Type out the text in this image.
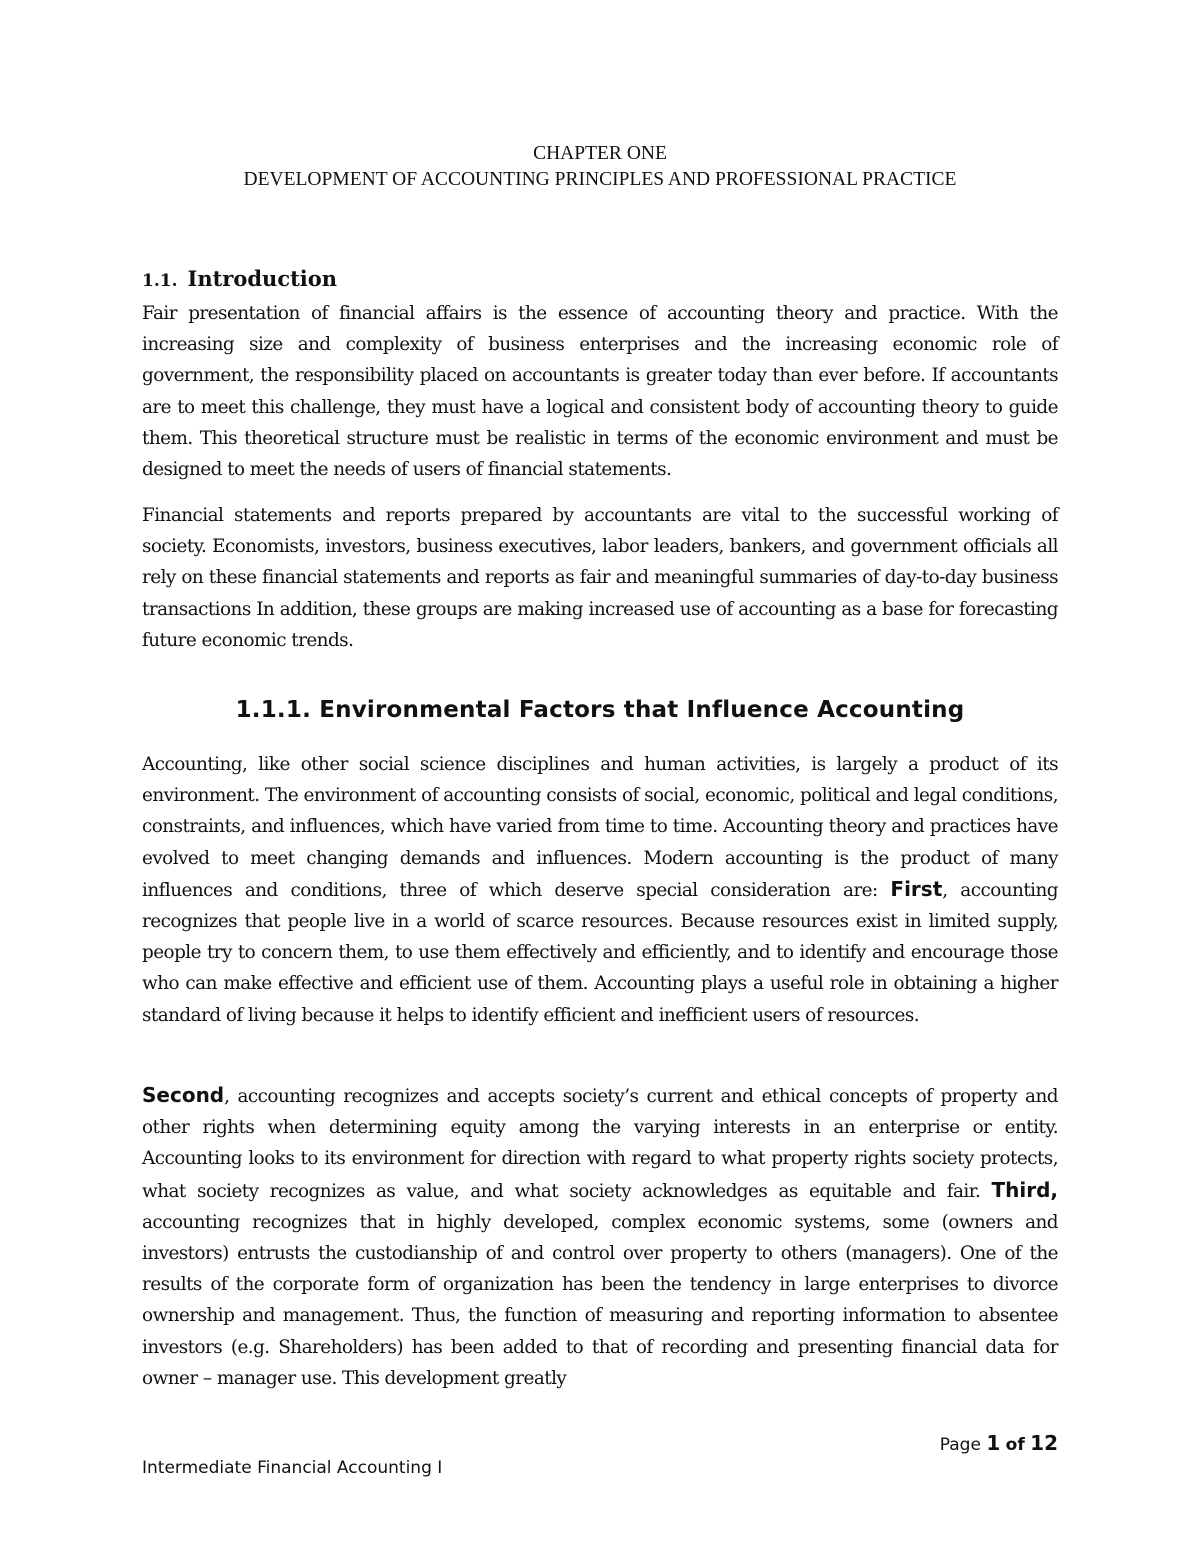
CHAPTER ONE
DEVELOPMENT OF ACCOUNTING PRINCIPLES AND PROFESSIONAL PRACTICE
1.1. Introduction

Fair presentation of financial affairs is the essence of accounting theory and practice. With the increasing size and complexity of business enterprises and the increasing economic role of government, the responsibility placed on accountants is greater today than ever before. If accountants are to meet this challenge, they must have a logical and consistent body of accounting theory to guide them. This theoretical structure must be realistic in terms of the economic environment and must be designed to meet the needs of users of financial statements.

Financial statements and reports prepared by accountants are vital to the successful working of society. Economists, investors, business executives, labor leaders, bankers, and government officials all rely on these financial statements and reports as fair and meaningful summaries of day-to-day business transactions In addition, these groups are making increased use of accounting as a base for forecasting future economic trends.

1.1.1. Environmental Factors that Influence Accounting

Accounting, like other social science disciplines and human activities, is largely a product of its environment. The environment of accounting consists of social, economic, political and legal conditions, constraints, and influences, which have varied from time to time. Accounting theory and practices have evolved to meet changing demands and influences. Modern accounting is the product of many influences and conditions, three of which deserve special consideration are: First, accounting recognizes that people live in a world of scarce resources. Because resources exist in limited supply, people try to concern them, to use them effectively and efficiently, and to identify and encourage those who can make effective and efficient use of them. Accounting plays a useful role in obtaining a higher standard of living because it helps to identify efficient and inefficient users of resources.

Second, accounting recognizes and accepts society’s current and ethical concepts of property and other rights when determining equity among the varying interests in an enterprise or entity. Accounting looks to its environment for direction with regard to what property rights society protects, what society recognizes as value, and what society acknowledges as equitable and fair. Third, accounting recognizes that in highly developed, complex economic systems, some (owners and investors) entrusts the custodianship of and control over property to others (managers). One of the results of the corporate form of organization has been the tendency in large enterprises to divorce ownership and management. Thus, the function of measuring and reporting information to absentee investors (e.g. Shareholders) has been added to that of recording and presenting financial data for owner – manager use. This development greatly

Page 1 of 12
Intermediate Financial Accounting I
